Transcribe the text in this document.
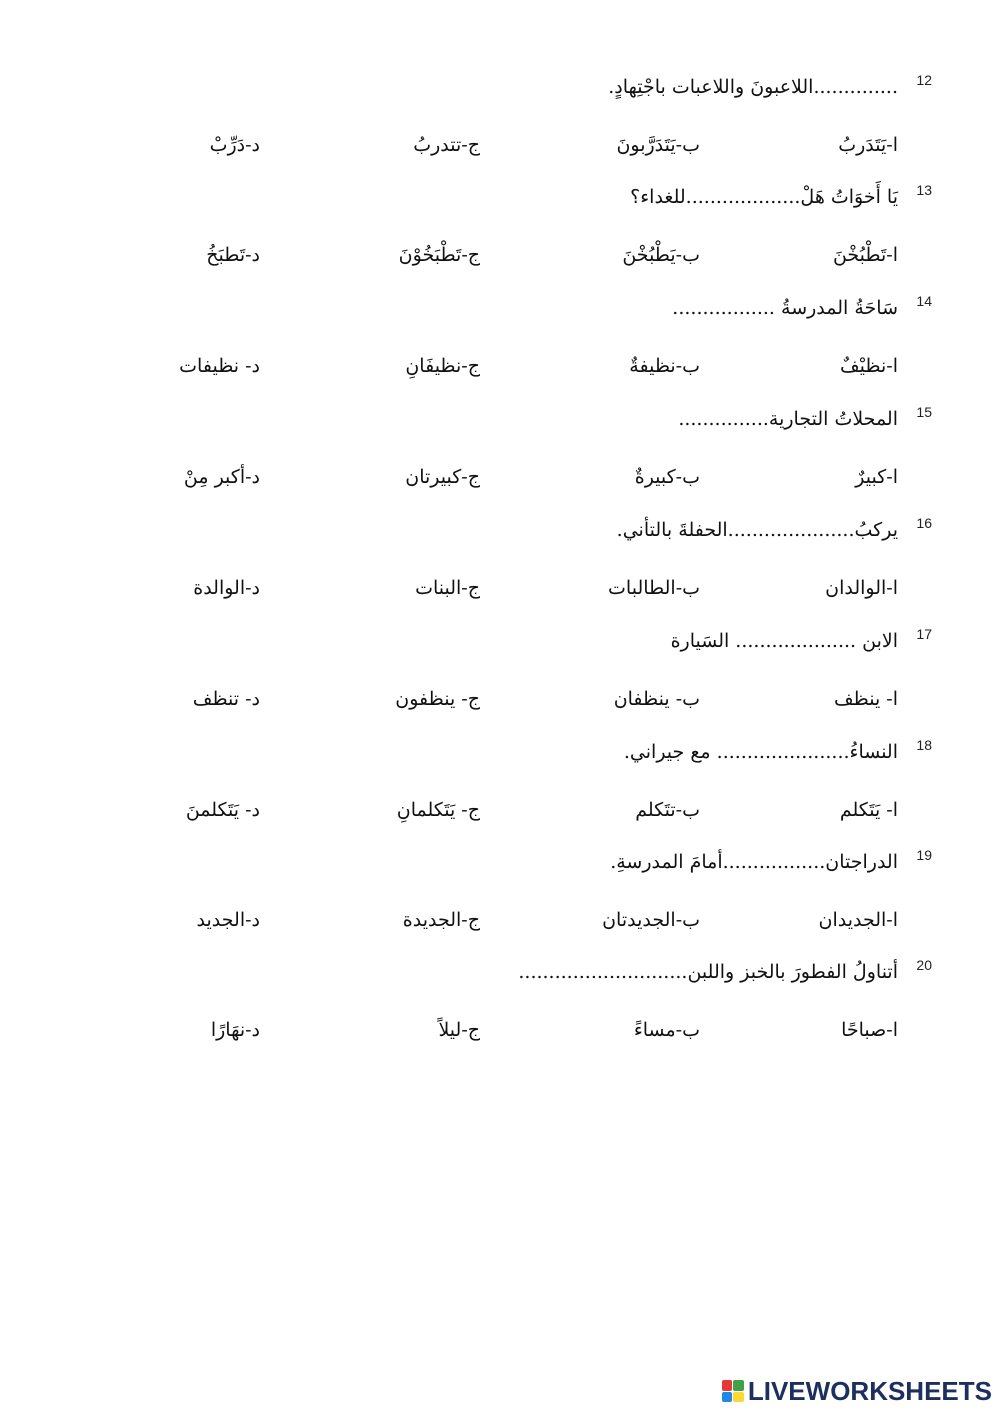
12
..............اللاعبونَ واللاعبات باجْتِهادٍ.
ا-يَتَدَربُ
ب-يَتَدَرَّبونَ
ج-تتدربُ
د-دَرِّبْ
13
يَا أَخوَاتُ هَلْ...................للغداء؟
ا-تَطْبُخْنَ
ب-يَطْبُخْنَ
ج-تَطْبَخُوْنَ
د-تَطبَخُ
14
سَاحَةُ المدرسةُ .................
ا-نظيْفٌ
ب-نظيفةٌ
ج-نظيفَانِ
د- نظيفات
15
المحلاتُ التجارية...............
ا-كبيرٌ
ب-كبيرةٌ
ج-كبيرتان
د-أكبر مِنْ
16
يركبُ.....................الحفلةَ بالتأني.
ا-الوالدان
ب-الطالبات
ج-البنات
د-الوالدة
17
الابن .................... السَيارة
ا- ينظف
ب- ينظفان
ج- ينظفون
د- تنظف
18
النساءُ...................... مع جيراني.
ا- يَتَكلم
ب-تتَكلم
ج- يَتَكلمانِ
د- يَتَكلمنَ
19
الدراجتان.................أمامَ المدرسةِ.
ا-الجديدان
ب-الجديدتان
ج-الجديدة
د-الجديد
20
أتناولُ الفطورَ بالخبز واللبن............................
ا-صباحًا
ب-مساءً
ج-ليلاً
د-نهَارًا
LIVEWORKSHEETS
